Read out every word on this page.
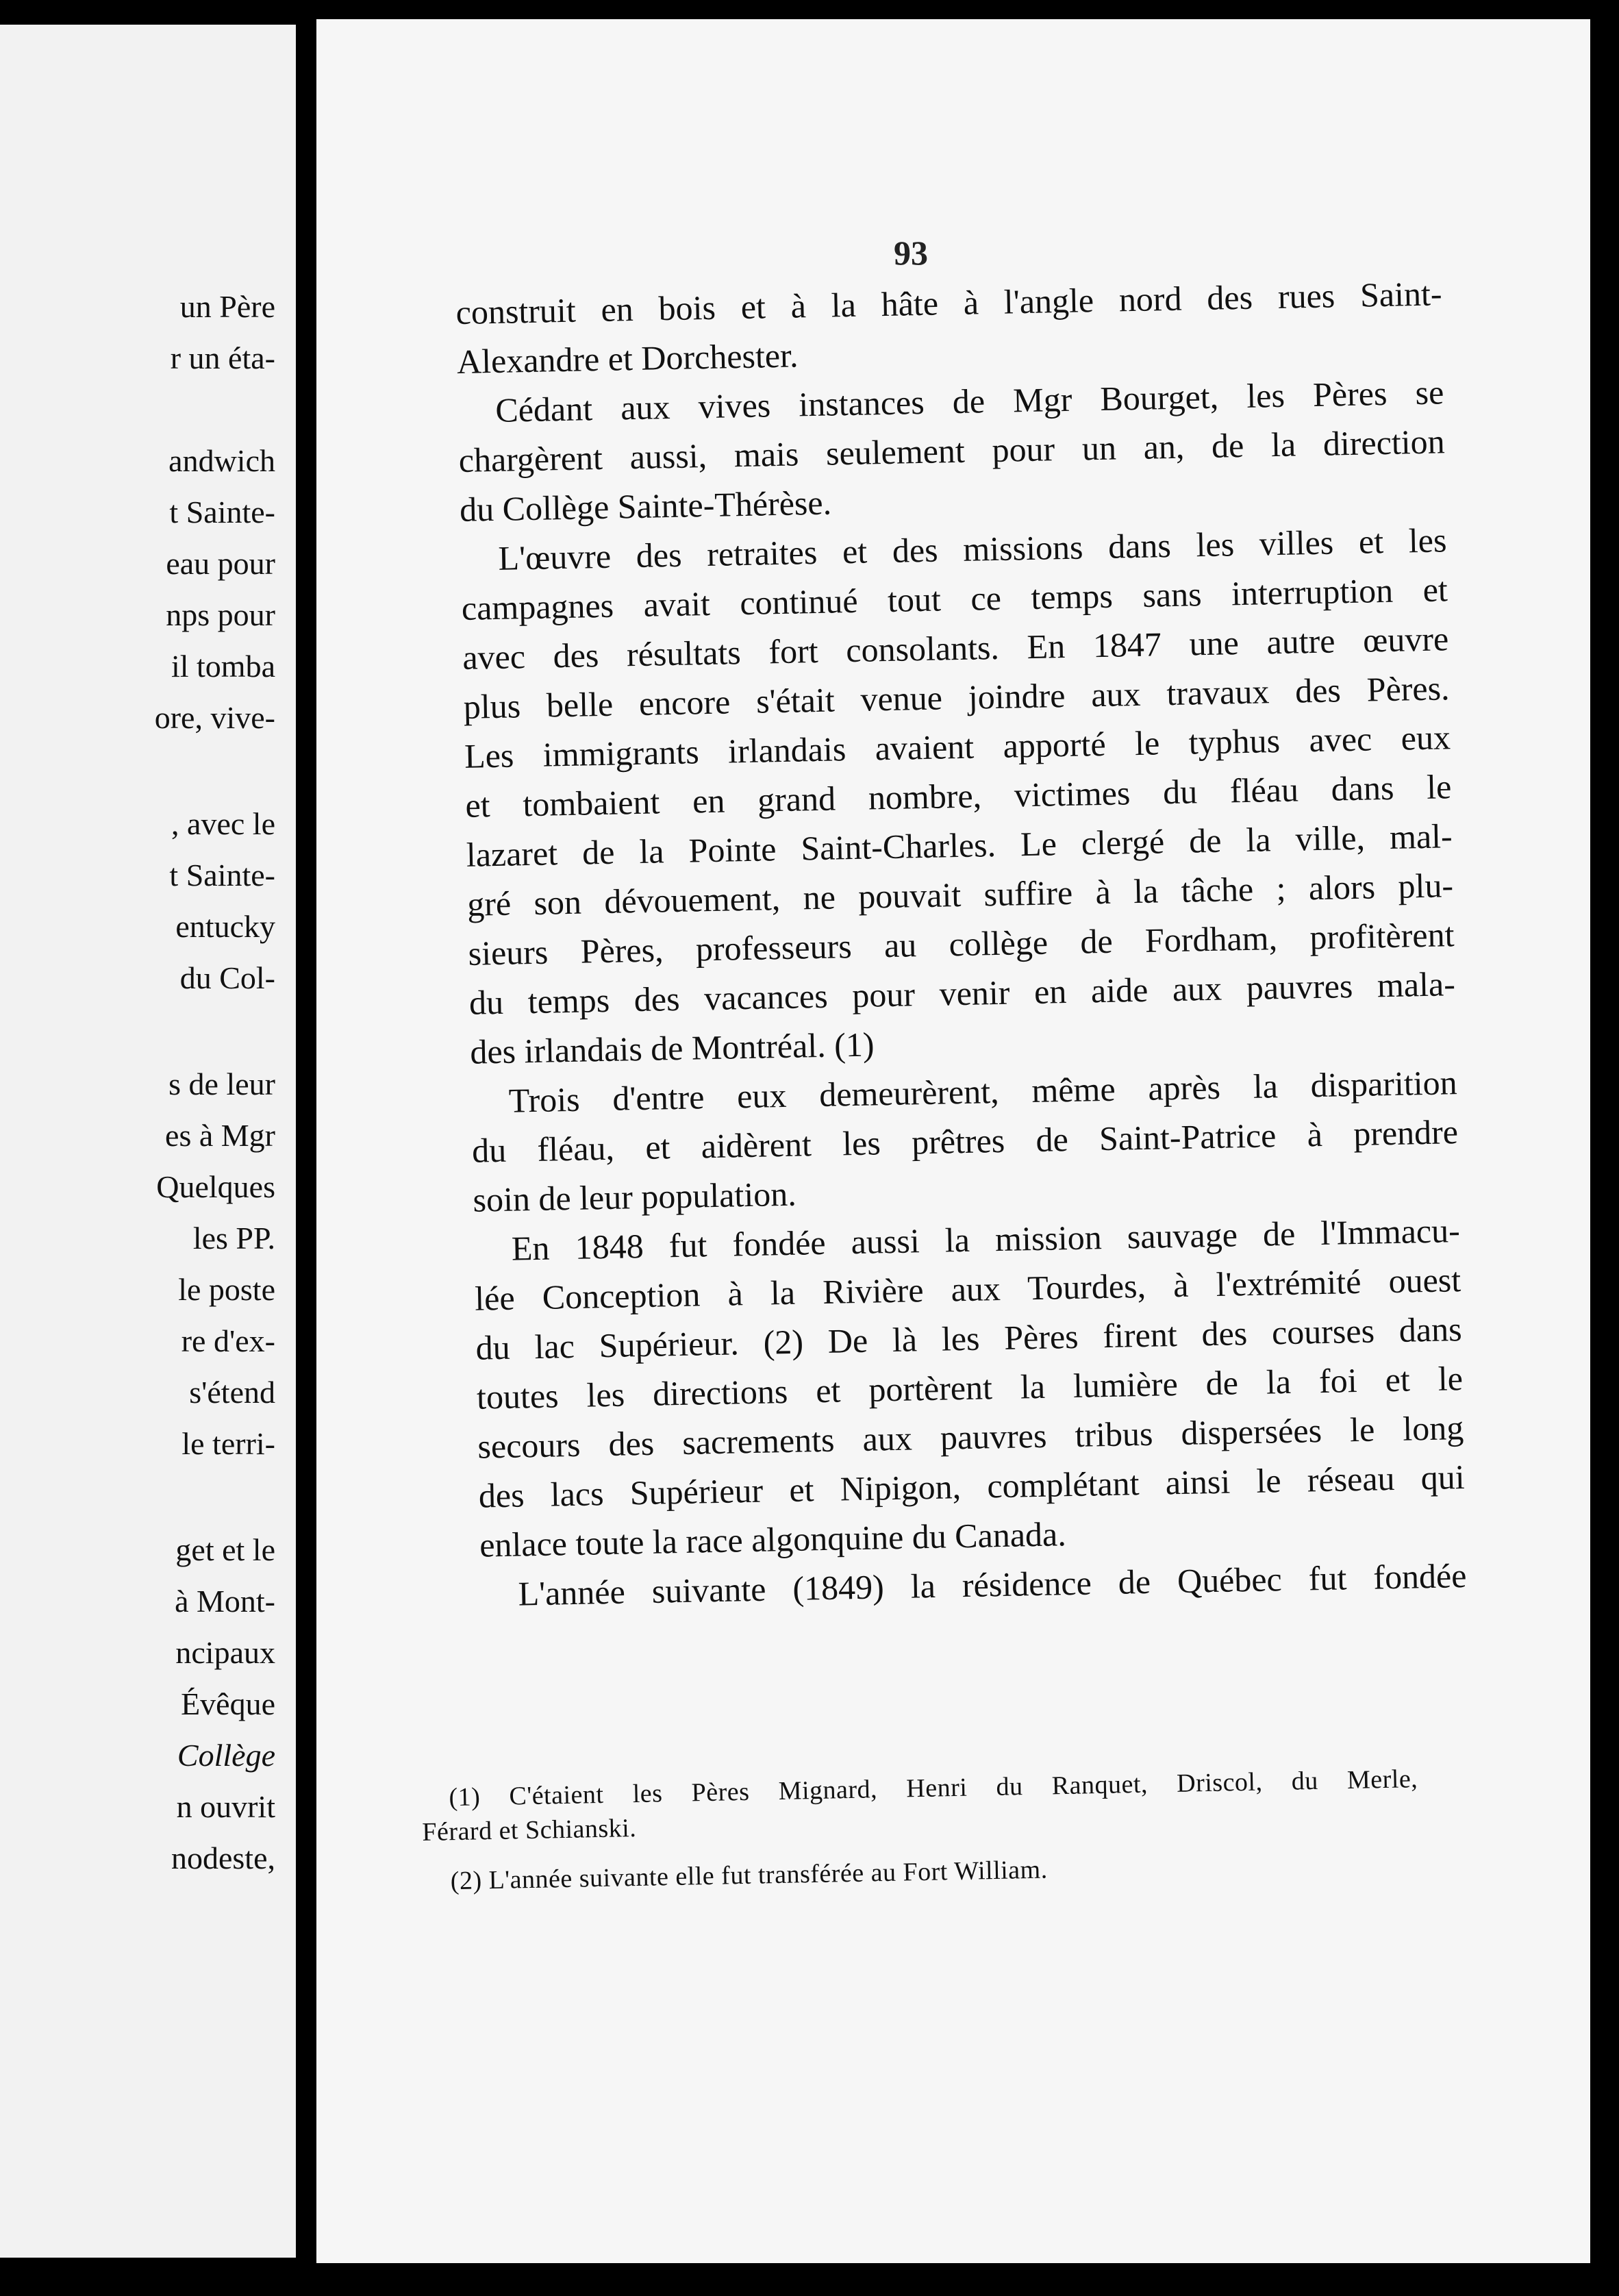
un Père
r un éta-
andwich
t Sainte-
eau pour
nps pour
il tomba
ore, vive-
, avec le
t Sainte-
entucky
du Col-
s de leur
es à Mgr
Quelques
les PP.
le poste
re d'ex-
s'étend
le terri-
get et le
à Mont-
ncipaux
Évêque
Collège
n ouvrit
nodeste,
93
construit en bois et à la hâte à l'angle nord des rues Saint-
Alexandre et Dorchester.
Cédant aux vives instances de Mgr Bourget, les Pères se
chargèrent aussi, mais seulement pour un an, de la direction
du Collège Sainte-Thérèse.
L'œuvre des retraites et des missions dans les villes et les
campagnes avait continué tout ce temps sans interruption et
avec des résultats fort consolants. En 1847 une autre œuvre
plus belle encore s'était venue joindre aux travaux des Pères.
Les immigrants irlandais avaient apporté le typhus avec eux
et tombaient en grand nombre, victimes du fléau dans le
lazaret de la Pointe Saint-Charles. Le clergé de la ville, mal-
gré son dévouement, ne pouvait suffire à la tâche ; alors plu-
sieurs Pères, professeurs au collège de Fordham, profitèrent
du temps des vacances pour venir en aide aux pauvres mala-
des irlandais de Montréal. (1)
Trois d'entre eux demeurèrent, même après la disparition
du fléau, et aidèrent les prêtres de Saint-Patrice à prendre
soin de leur population.
En 1848 fut fondée aussi la mission sauvage de l'Immacu-
lée Conception à la Rivière aux Tourdes, à l'extrémité ouest
du lac Supérieur. (2) De là les Pères firent des courses dans
toutes les directions et portèrent la lumière de la foi et le
secours des sacrements aux pauvres tribus dispersées le long
des lacs Supérieur et Nipigon, complétant ainsi le réseau qui
enlace toute la race algonquine du Canada.
L'année suivante (1849) la résidence de Québec fut fondée
(1) C'étaient les Pères Mignard, Henri du Ranquet, Driscol, du Merle,
Férard et Schianski.
(2) L'année suivante elle fut transférée au Fort William.
